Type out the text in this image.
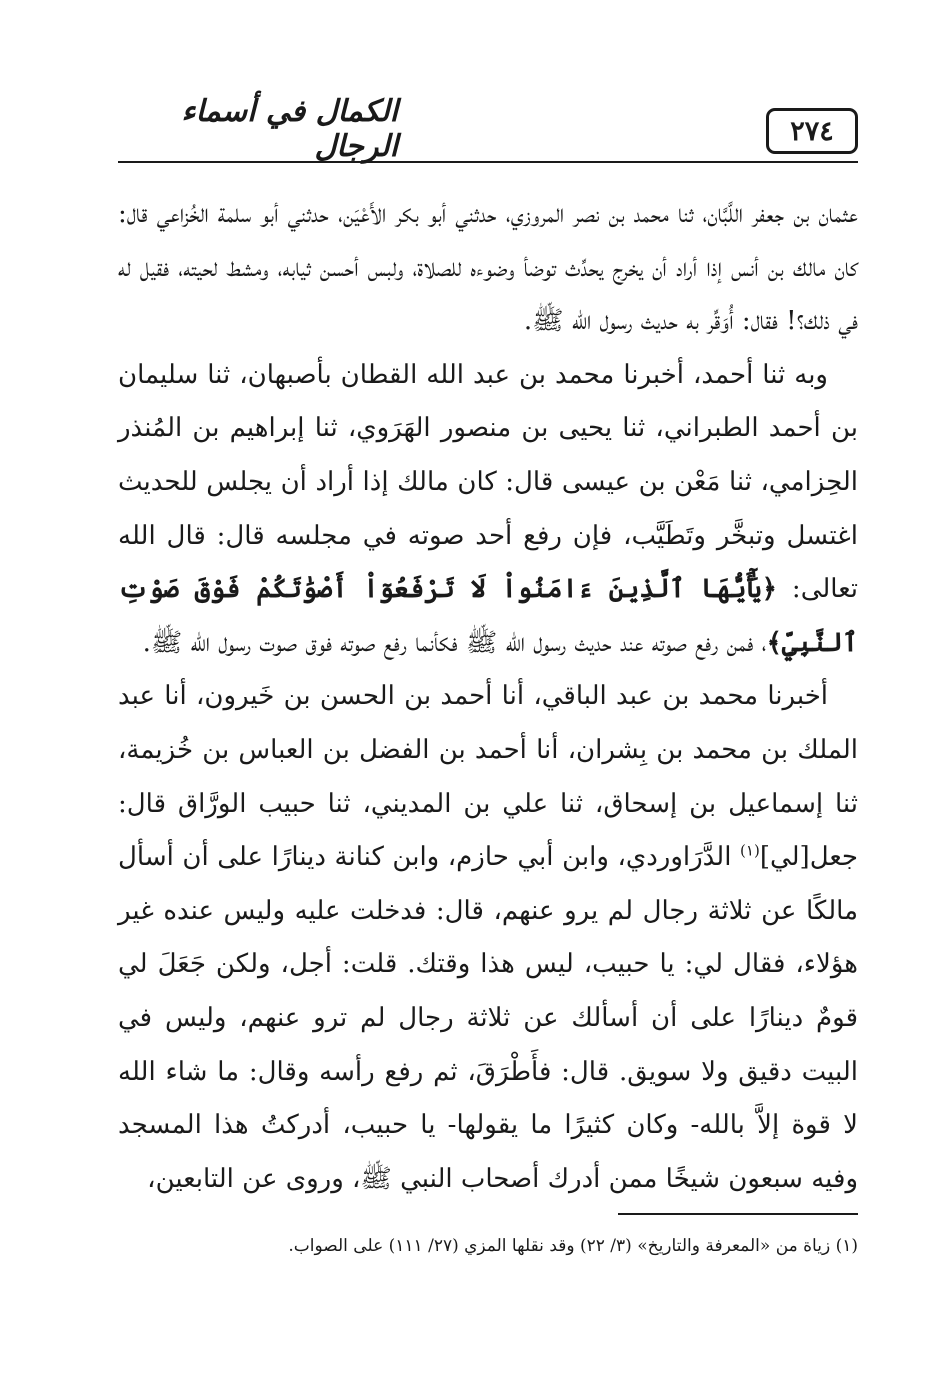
٢٧٤
الكمال في أسماء الرجال

عثمان بن جعفر اللَّبَّان، ثنا محمد بن نصر المروزي، حدثني أبو بكر الأَعْيَن، حدثني أبو سلمة الخُزاعي قال: كان مالك بن أنس إذا أراد أن يخرج يحدِّث توضأ وضوءه للصلاة، ولبس أحسن ثيابه، ومشط لحيته، فقيل له في ذلك؟! فقال: أُوَقِّر به حديث رسول الله ﷺ.

وبه ثنا أحمد، أخبرنا محمد بن عبد الله القطان بأصبهان، ثنا سليمان بن أحمد الطبراني، ثنا يحيى بن منصور الهَرَوي، ثنا إبراهيم بن المُنذر الحِزامي، ثنا مَعْن بن عيسى قال: كان مالك إذا أراد أن يجلس للحديث اغتسل وتبخَّر وتَطَيَّب، فإن رفع أحد صوته في مجلسه قال: قال الله تعالى: ﴿يَٰٓأَيُّهَا ٱلَّذِينَ ءَامَنُواْ لَا تَرْفَعُوٓاْ أَصْوَٰتَكُمْ فَوْقَ صَوْتِ ٱلنَّبِيِّ﴾، فمن رفع صوته عند حديث رسول الله ﷺ فكأنما رفع صوته فوق صوت رسول الله ﷺ.

أخبرنا محمد بن عبد الباقي، أنا أحمد بن الحسن بن خَيرون، أنا عبد الملك بن محمد بن بِشران، أنا أحمد بن الفضل بن العباس بن خُزيمة، ثنا إسماعيل بن إسحاق، ثنا علي بن المديني، ثنا حبيب الورَّاق قال: جعل[لي]$^{(١)}$ الدَّرَاوردي، وابن أبي حازم، وابن كنانة دينارًا على أن أسأل مالكًا عن ثلاثة رجال لم يرو عنهم، قال: فدخلت عليه وليس عنده غير هؤلاء، فقال لي: يا حبيب، ليس هذا وقتك. قلت: أجل، ولكن جَعَلَ لي قومٌ دينارًا على أن أسألك عن ثلاثة رجال لم ترو عنهم، وليس في البيت دقيق ولا سويق. قال: فأَطْرَقَ، ثم رفع رأسه وقال: ما شاء الله لا قوة إلاَّ بالله- وكان كثيرًا ما يقولها- يا حبيب، أدركتُ هذا المسجد وفيه سبعون شيخًا ممن أدرك أصحاب النبي ﷺ، وروى عن التابعين،

(١) زياة من «المعرفة والتاريخ» (٣/ ٢٢) وقد نقلها المزي (٢٧/ ١١١) على الصواب.
